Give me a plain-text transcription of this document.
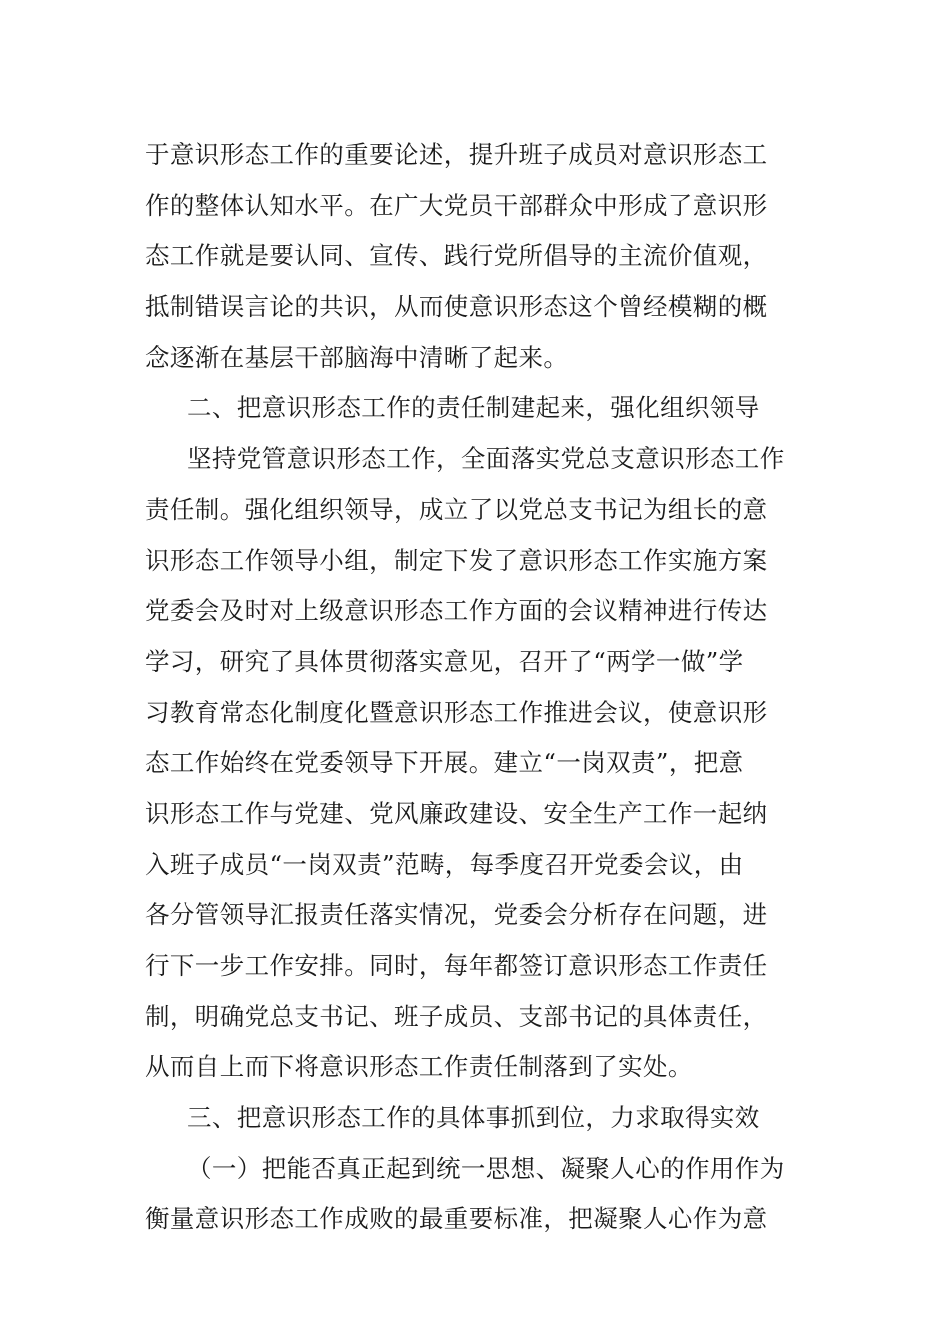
于意识形态工作的重要论述，提升班子成员对意识形态工
作的整体认知水平。在广大党员干部群众中形成了意识形
态工作就是要认同、宣传、践行党所倡导的主流价值观，
抵制错误言论的共识，从而使意识形态这个曾经模糊的概
念逐渐在基层干部脑海中清晰了起来。
二、把意识形态工作的责任制建起来，强化组织领导
坚持党管意识形态工作，全面落实党总支意识形态工作
责任制。强化组织领导，成立了以党总支书记为组长的意
识形态工作领导小组，制定下发了意识形态工作实施方案
党委会及时对上级意识形态工作方面的会议精神进行传达
学习，研究了具体贯彻落实意见，召开了“两学一做”学
习教育常态化制度化暨意识形态工作推进会议，使意识形
态工作始终在党委领导下开展。建立“一岗双责”，把意
识形态工作与党建、党风廉政建设、安全生产工作一起纳
入班子成员“一岗双责”范畴，每季度召开党委会议，由
各分管领导汇报责任落实情况，党委会分析存在问题，进
行下一步工作安排。同时，每年都签订意识形态工作责任
制，明确党总支书记、班子成员、支部书记的具体责任，
从而自上而下将意识形态工作责任制落到了实处。
三、把意识形态工作的具体事抓到位，力求取得实效
（一）把能否真正起到统一思想、凝聚人心的作用作为
衡量意识形态工作成败的最重要标准，把凝聚人心作为意
